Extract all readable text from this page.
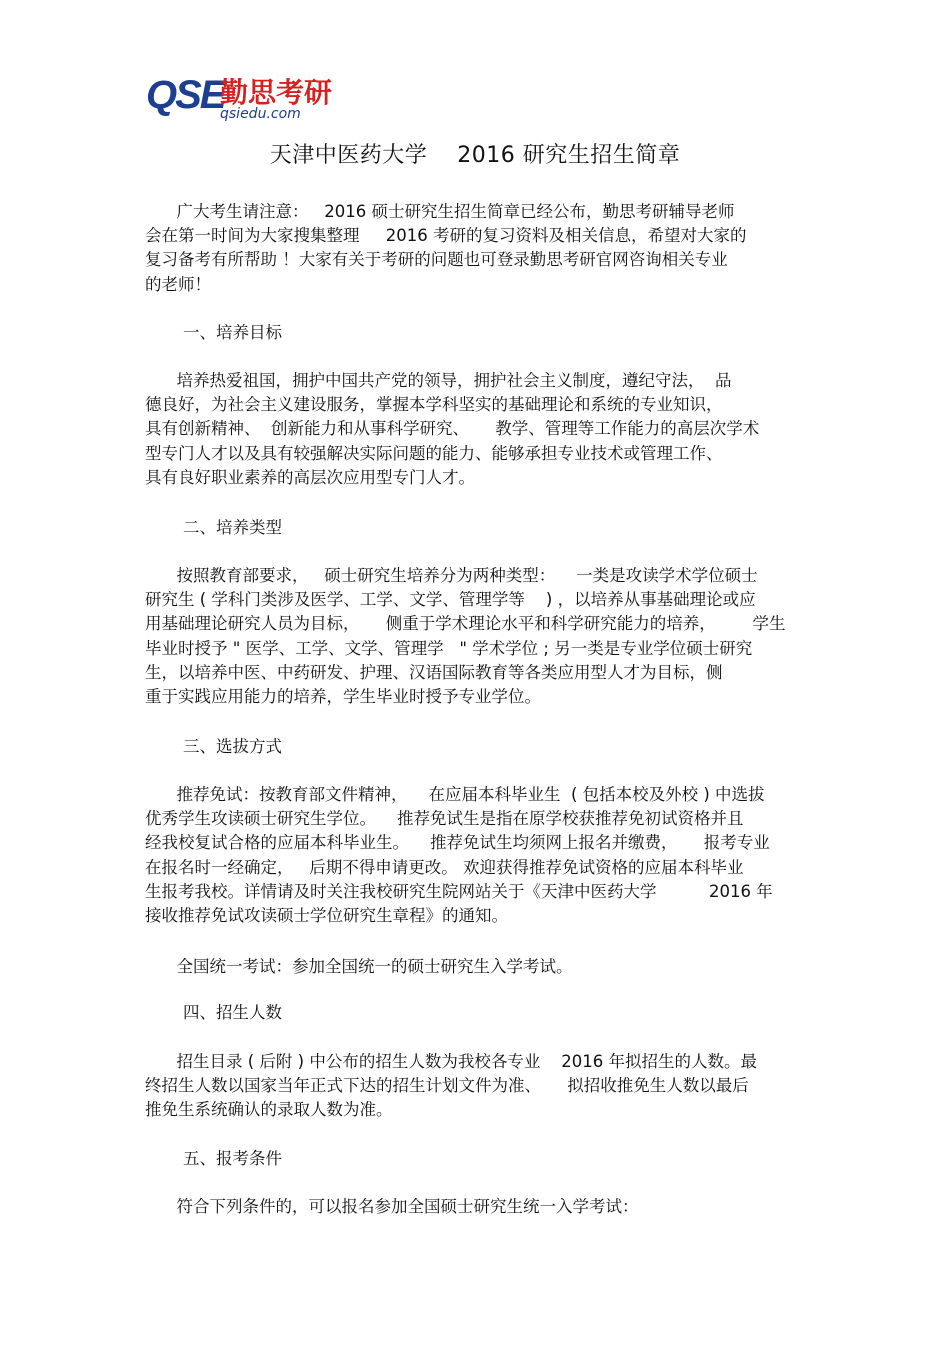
QSE
勤思考研
qsiedu.com
天津中医药大学    2016 研究生招生简章
广大考生请注意：   2016 硕士研究生招生简章已经公布，勤思考研辅导老师
会在第一时间为大家搜集整理     2016 考研的复习资料及相关信息，希望对大家的
复习备考有所帮助 ！大家有关于考研的问题也可登录勤思考研官网咨询相关专业
的老师！
一、培养目标
培养热爱祖国，拥护中国共产党的领导，拥护社会主义制度，遵纪守法，  品
德良好，为社会主义建设服务，掌握本学科坚实的基础理论和系统的专业知识，
具有创新精神、  创新能力和从事科学研究、     教学、管理等工作能力的高层次学术
型专门人才以及具有较强解决实际问题的能力、能够承担专业技术或管理工作、
具有良好职业素养的高层次应用型专门人才。
二、培养类型
按照教育部要求，   硕士研究生培养分为两种类型：    一类是攻读学术学位硕士
研究生 ( 学科门类涉及医学、工学、文学、管理学等    ) ，以培养从事基础理论或应
用基础理论研究人员为目标，     侧重于学术理论水平和科学研究能力的培养，       学生
毕业时授予 " 医学、工学、文学、管理学   " 学术学位 ; 另一类是专业学位硕士研究
生，以培养中医、中药研发、护理、汉语国际教育等各类应用型人才为目标，侧
重于实践应用能力的培养，学生毕业时授予专业学位。
三、选拔方式
推荐免试：按教育部文件精神，    在应届本科毕业生  ( 包括本校及外校 ) 中选拔
优秀学生攻读硕士研究生学位。    推荐免试生是指在原学校获推荐免初试资格并且
经我校复试合格的应届本科毕业生。    推荐免试生均须网上报名并缴费，     报考专业
在报名时一经确定，   后期不得申请更改。 欢迎获得推荐免试资格的应届本科毕业
生报考我校。详情请及时关注我校研究生院网站关于《天津中医药大学          2016 年
接收推荐免试攻读硕士学位研究生章程》的通知。
全国统一考试：参加全国统一的硕士研究生入学考试。
四、招生人数
招生目录 ( 后附 ) 中公布的招生人数为我校各专业    2016 年拟招生的人数。最
终招生人数以国家当年正式下达的招生计划文件为准、     拟招收推免生人数以最后
推免生系统确认的录取人数为准。
五、报考条件
符合下列条件的，可以报名参加全国硕士研究生统一入学考试：
